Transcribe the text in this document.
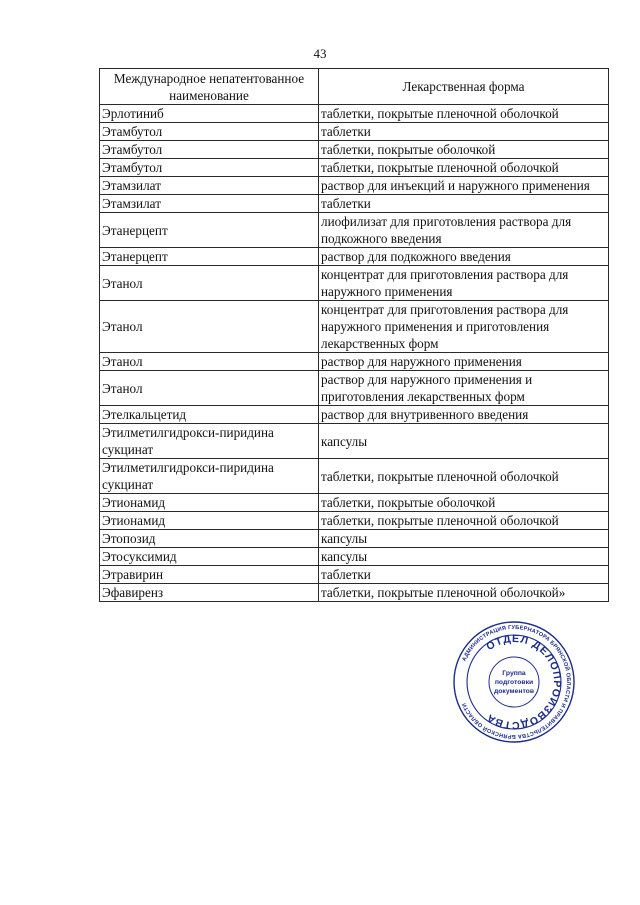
43
Международное непатентованное наименование	Лекарственная форма
Эрлотиниб	таблетки, покрытые пленочной оболочкой
Этамбутол	таблетки
Этамбутол	таблетки, покрытые оболочкой
Этамбутол	таблетки, покрытые пленочной оболочкой
Этамзилат	раствор для инъекций и наружного применения
Этамзилат	таблетки
Этанерцепт	лиофилизат для приготовления раствора для подкожного введения
Этанерцепт	раствор для подкожного введения
Этанол	концентрат для приготовления раствора для наружного применения
Этанол	концентрат для приготовления раствора для наружного применения и приготовления лекарственных форм
Этанол	раствор для наружного применения
Этанол	раствор для наружного применения и приготовления лекарственных форм
Этелкальцетид	раствор для внутривенного введения
Этилметилгидрокси-пиридина сукцинат	капсулы
Этилметилгидрокси-пиридина сукцинат	таблетки, покрытые пленочной оболочкой
Этионамид	таблетки, покрытые оболочкой
Этионамид	таблетки, покрытые пленочной оболочкой
Этопозид	капсулы
Этосуксимид	капсулы
Этравирин	таблетки
Эфавиренз	таблетки, покрытые пленочной оболочкой»
АДМИНИСТРАЦИЯ ГУБЕРНАТОРА БРЯНСКОЙ ОБЛАСТИ И ПРАВИТЕЛЬСТВА БРЯНСКОЙ ОБЛАСТИ
ОТДЕЛ ДЕЛОПРОИЗВОДСТВА
Группа
подготовки
документов
